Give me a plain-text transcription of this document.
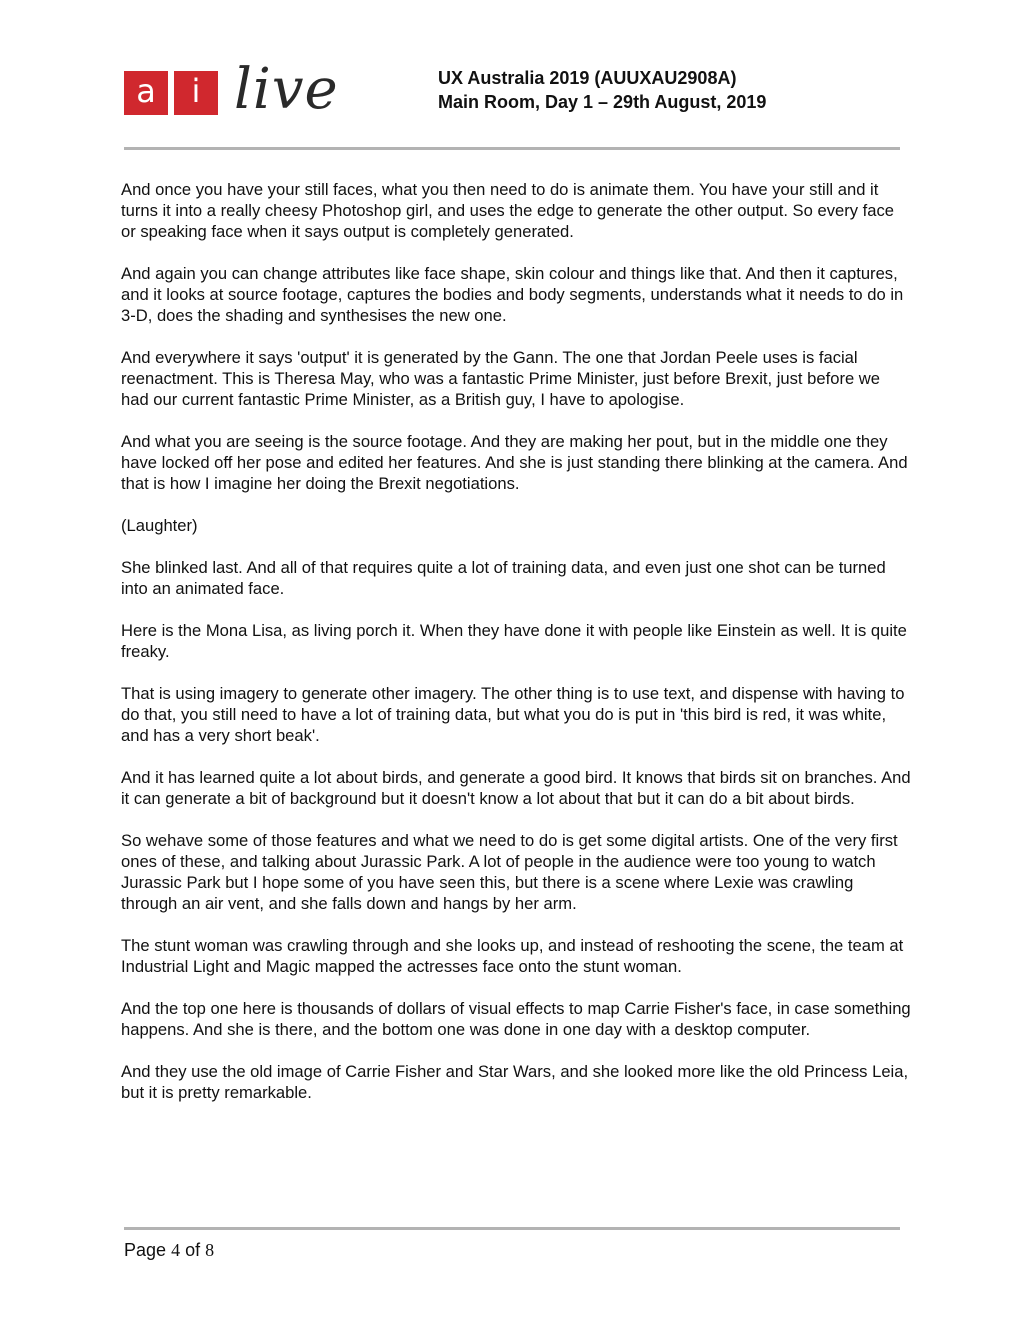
a	i live	UX Australia 2019 (AUUXAU2908A)
Main Room, Day 1 – 29th August, 2019

And once you have your still faces, what you then need to do is animate them. You have your still and it turns it into a really cheesy Photoshop girl, and uses the edge to generate the other output. So every face or speaking face when it says output is completely generated.

And again you can change attributes like face shape, skin colour and things like that. And then it captures, and it looks at source footage, captures the bodies and body segments, understands what it needs to do in 3-D, does the shading and synthesises the new one.

And everywhere it says 'output' it is generated by the Gann. The one that Jordan Peele uses is facial reenactment. This is Theresa May, who was a fantastic Prime Minister, just before Brexit, just before we had our current fantastic Prime Minister, as a British guy, I have to apologise.

And what you are seeing is the source footage. And they are making her pout, but in the middle one they have locked off her pose and edited her features. And she is just standing there blinking at the camera. And that is how I imagine her doing the Brexit negotiations.

(Laughter)

She blinked last. And all of that requires quite a lot of training data, and even just one shot can be turned into an animated face.

Here is the Mona Lisa, as living porch it. When they have done it with people like Einstein as well. It is quite freaky.

That is using imagery to generate other imagery. The other thing is to use text, and dispense with having to do that, you still need to have a lot of training data, but what you do is put in 'this bird is red, it was white, and has a very short beak'.

And it has learned quite a lot about birds, and generate a good bird. It knows that birds sit on branches. And it can generate a bit of background but it doesn't know a lot about that but it can do a bit about birds.

So wehave some of those features and what we need to do is get some digital artists. One of the very first ones of these, and talking about Jurassic Park. A lot of people in the audience were too young to watch Jurassic Park but I hope some of you have seen this, but there is a scene where Lexie was crawling through an air vent, and she falls down and hangs by her arm.

The stunt woman was crawling through and she looks up, and instead of reshooting the scene, the team at Industrial Light and Magic mapped the actresses face onto the stunt woman.

And the top one here is thousands of dollars of visual effects to map Carrie Fisher's face, in case something happens. And she is there, and the bottom one was done in one day with a desktop computer.

And they use the old image of Carrie Fisher and Star Wars, and she looked more like the old Princess Leia, but it is pretty remarkable.

Page 4 of 8
